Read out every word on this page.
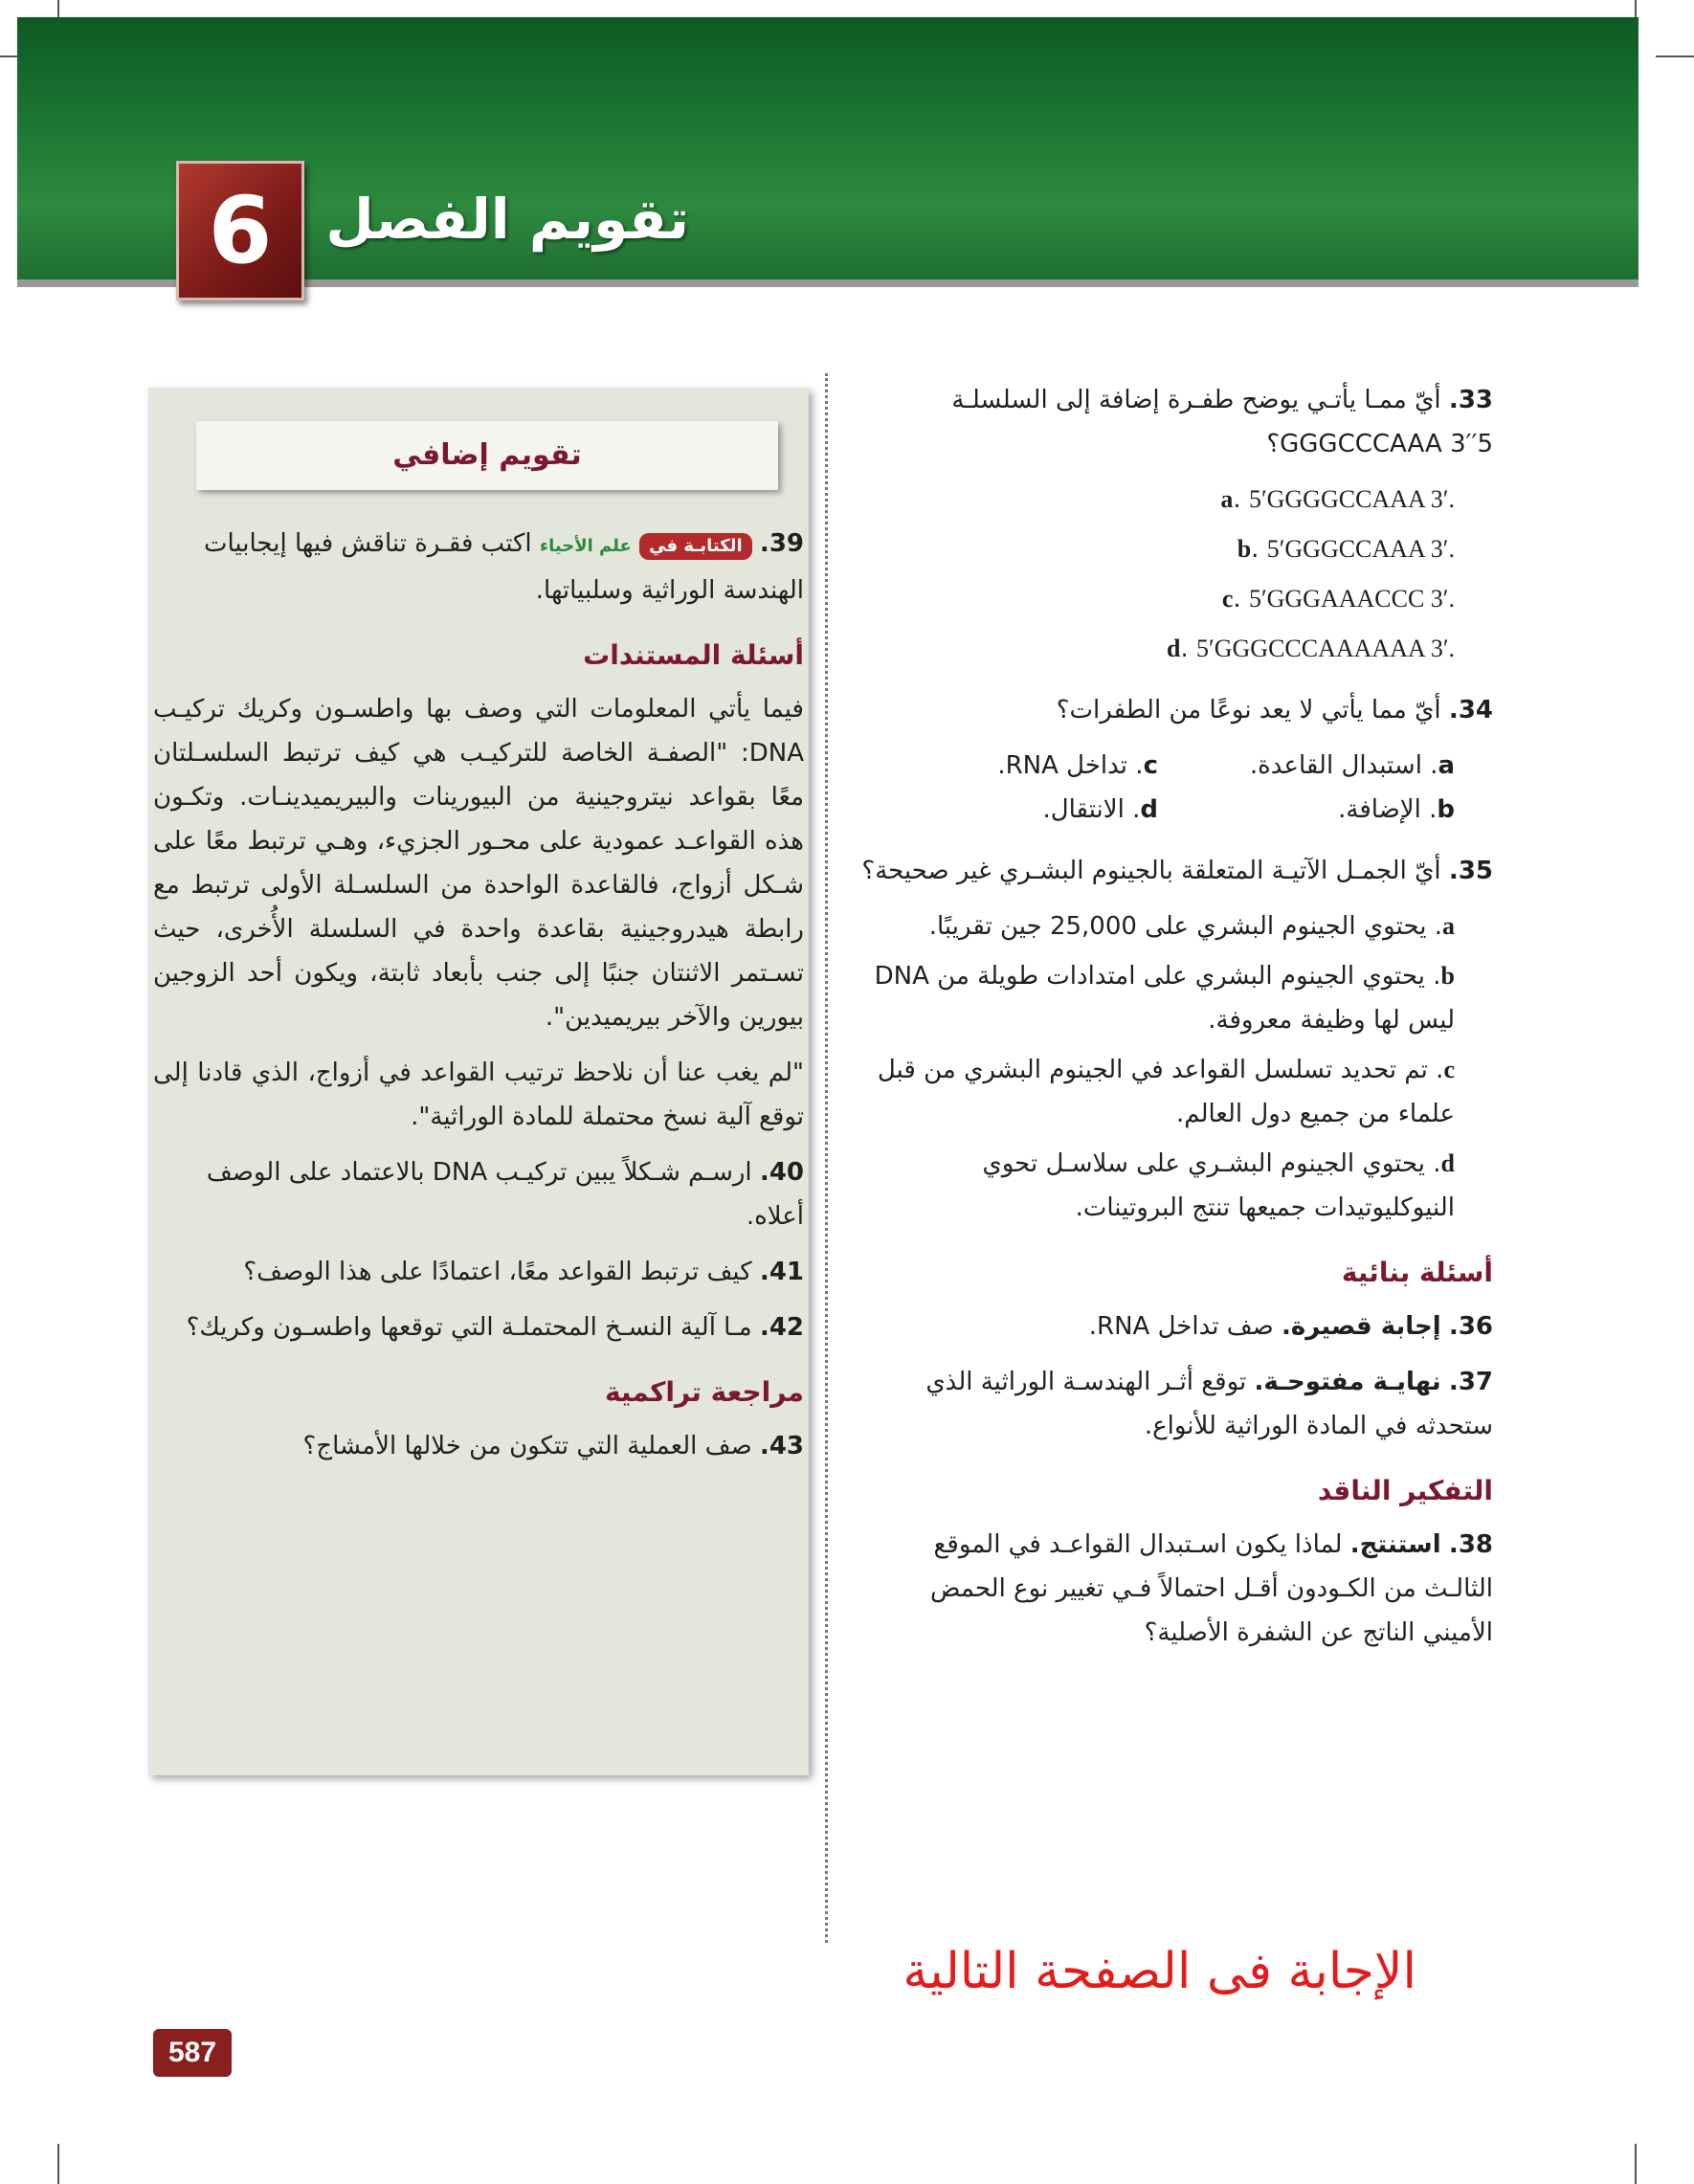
6 تقويم الفصل
33. أيّ ممـا يأتـي يوضح طفـرة إضافة إلى السلسلـة 5′GGGCCCAAA 3′؟
a. 5′GGGGCCAAA 3′.
b. 5′GGGCCAAA 3′.
c. 5′GGGAAACCC 3′.
d. 5′GGGCCCAAAAAA 3′.
34. أيّ مما يأتي لا يعد نوعًا من الطفرات؟
a. استبدال القاعدة.
c. تداخل RNA.
b. الإضافة.
d. الانتقال.
35. أيّ الجمـل الآتيـة المتعلقة بالجينوم البشـري غير صحيحة؟
a. يحتوي الجينوم البشري على 25,000 جين تقريبًا.
b. يحتوي الجينوم البشري على امتدادات طويلة من DNA ليس لها وظيفة معروفة.
c. تم تحديد تسلسل القواعد في الجينوم البشري من قبل علماء من جميع دول العالم.
d. يحتوي الجينوم البشـري على سلاسـل تحوي النيوكليوتيدات جميعها تنتج البروتينات.
أسئلة بنائية
36. إجابة قصيرة. صف تداخل RNA.
37. نهايـة مفتوحـة. توقع أثـر الهندسـة الوراثية الذي ستحدثه في المادة الوراثية للأنواع.
التفكير الناقد
38. استنتج. لماذا يكون اسـتبدال القواعـد في الموقع الثالـث من الكـودون أقـل احتمالاً فـي تغيير نوع الحمض الأميني الناتج عن الشفرة الأصلية؟
تقويم إضافي
39. الكتابـة في علم الأحياء اكتب فقـرة تناقش فيها إيجابيات الهندسة الوراثية وسلبياتها.
أسئلة المستندات
فيما يأتي المعلومات التي وصف بها واطسـون وكريك تركيـب DNA: "الصفـة الخاصة للتركيـب هي كيف ترتبط السلسـلتان معًا بقواعد نيتروجينية من البيورينات والبيريميدينـات. وتكـون هذه القواعـد عمودية على محـور الجزيء، وهـي ترتبط معًا على شـكل أزواج، فالقاعدة الواحدة من السلسـلة الأولى ترتبط مع رابطة هيدروجينية بقاعدة واحدة في السلسلة الأُخرى، حيث تسـتمر الاثنتان جنبًا إلى جنب بأبعاد ثابتة، ويكون أحد الزوجين بيورين والآخر بيريميدين".
"لم يغب عنا أن نلاحظ ترتيب القواعد في أزواج، الذي قادنا إلى توقع آلية نسخ محتملة للمادة الوراثية".
40. ارسـم شـكلاً يبين تركيـب DNA بالاعتماد على الوصف أعلاه.
41. كيف ترتبط القواعد معًا، اعتمادًا على هذا الوصف؟
42. مـا آلية النسـخ المحتملـة التي توقعها واطسـون وكريك؟
مراجعة تراكمية
43. صف العملية التي تتكون من خلالها الأمشاج؟
الإجابة فى الصفحة التالية
587
